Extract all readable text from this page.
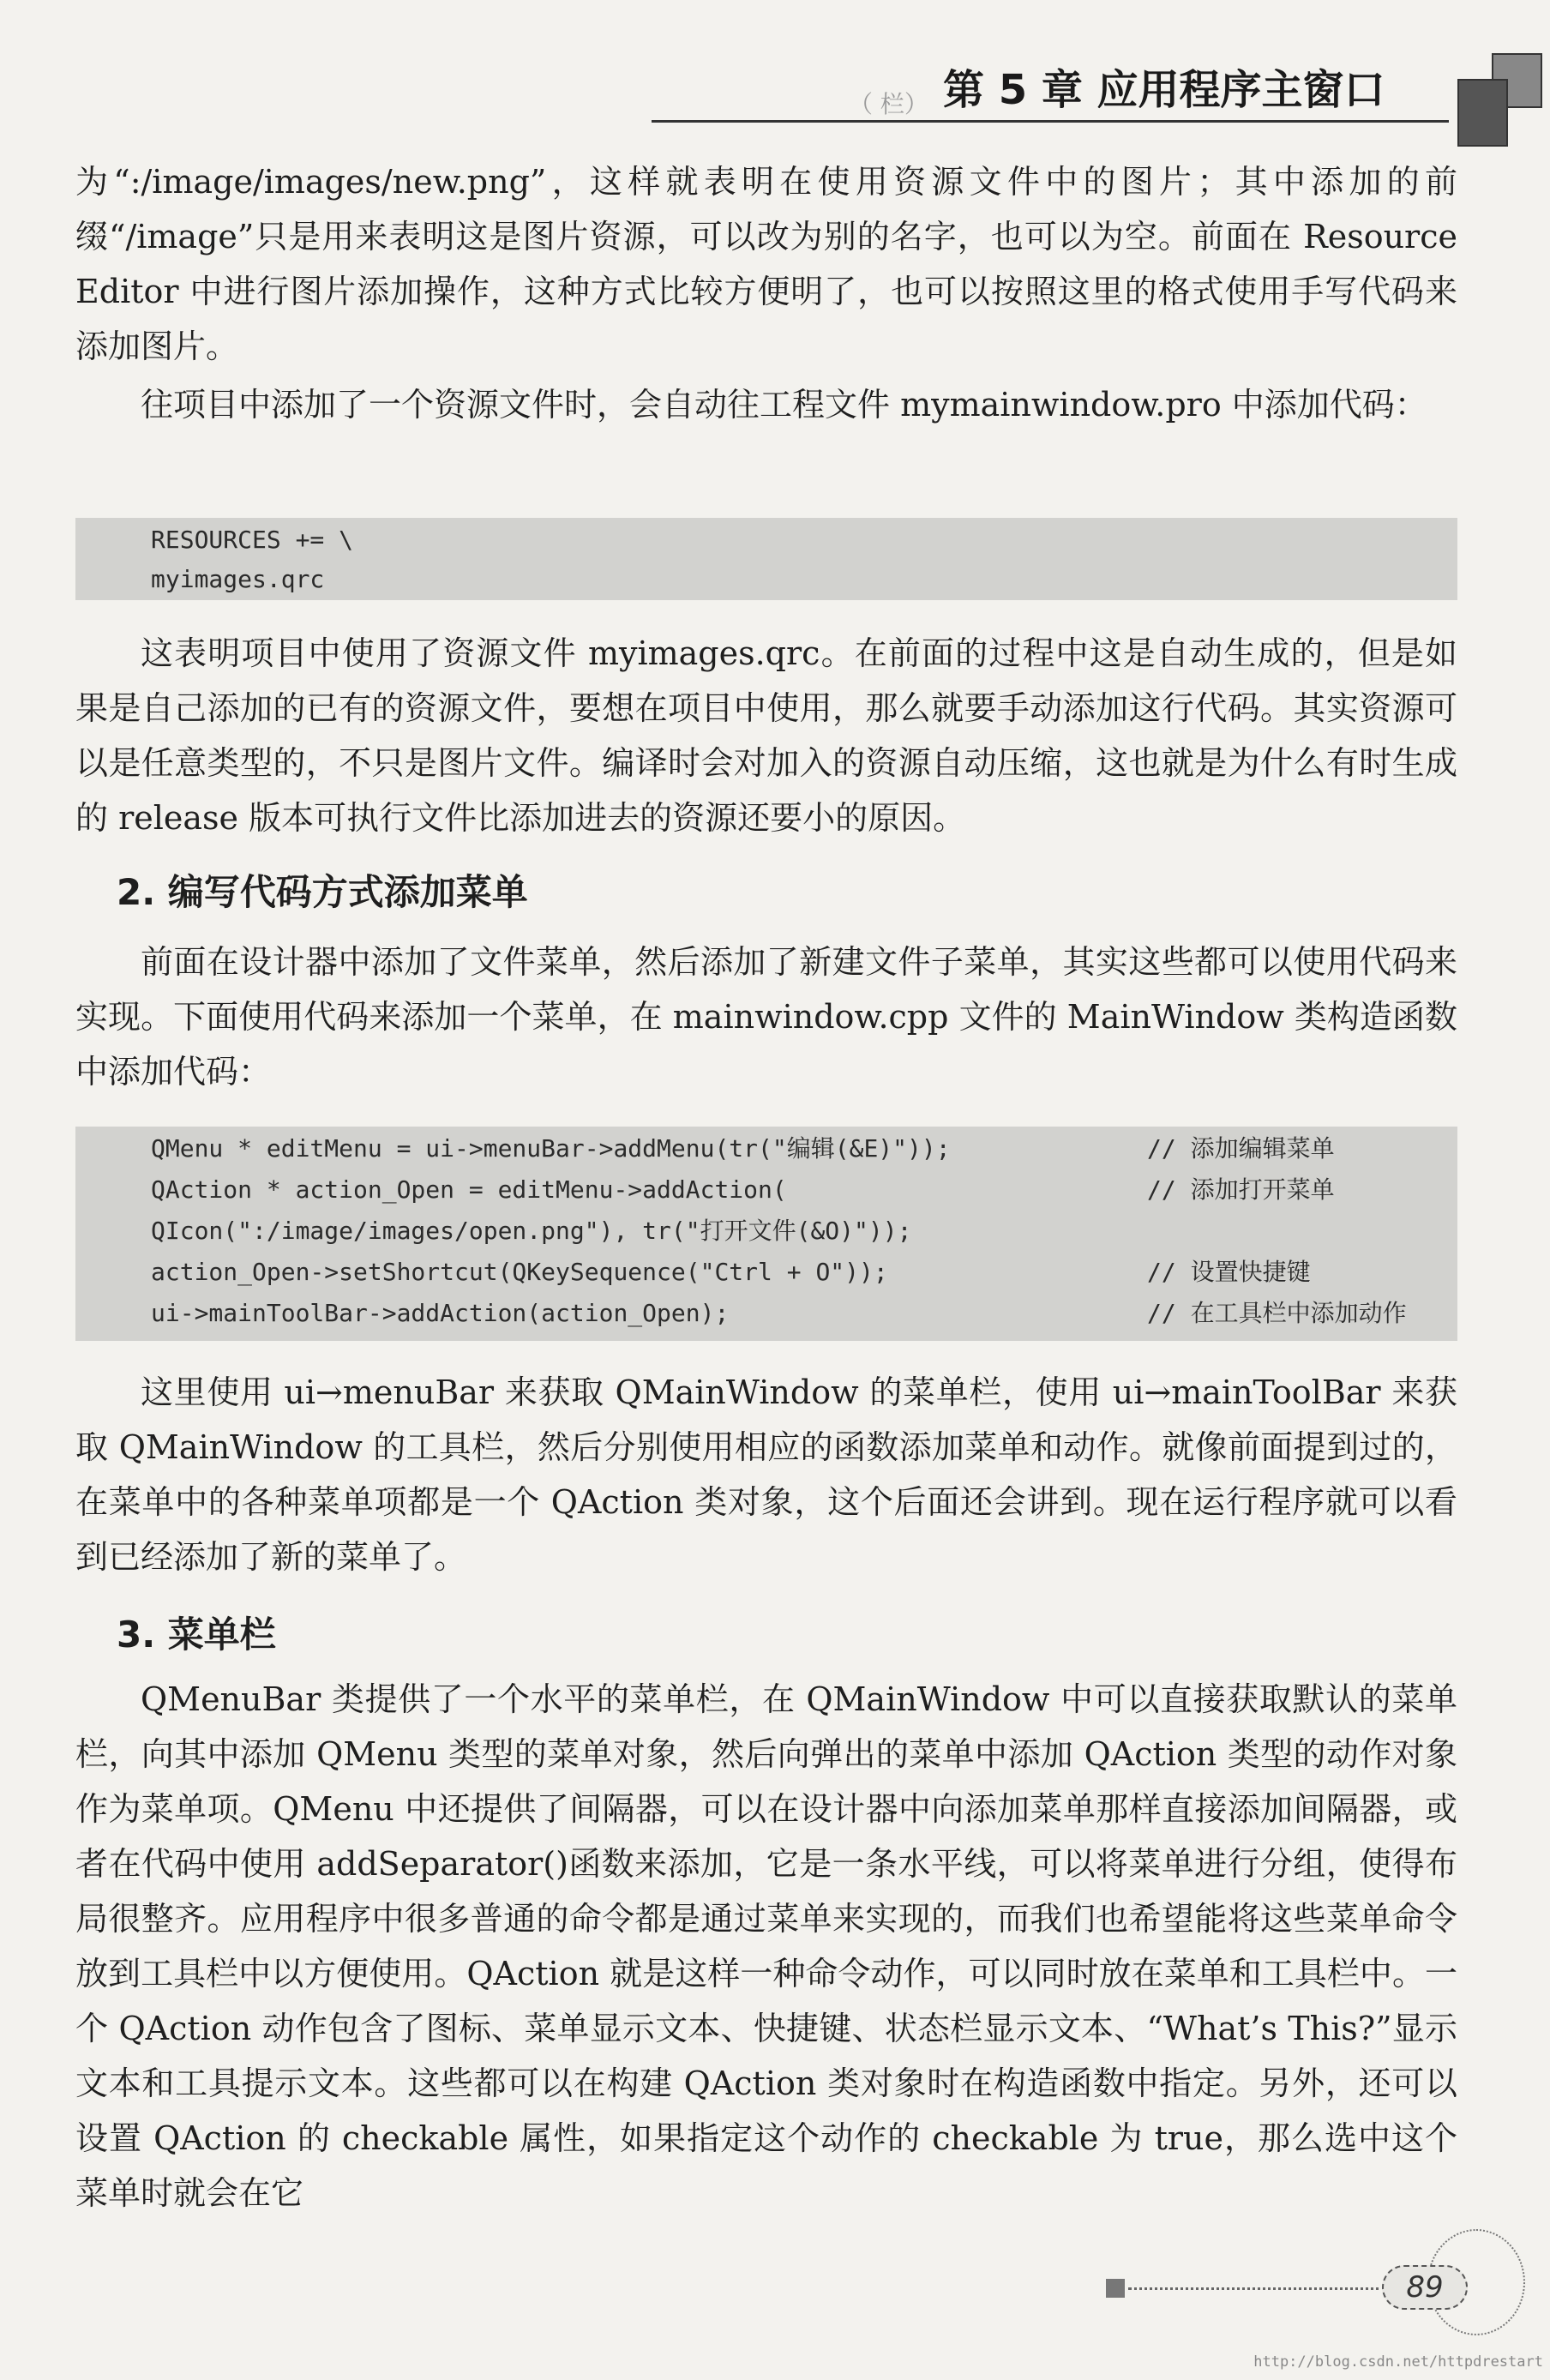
（ 栏） 第 5 章 应用程序主窗口

为“:/image/images/new.png”，这样就表明在使用资源文件中的图片；其中添加的前缀“/image”只是用来表明这是图片资源，可以改为别的名字，也可以为空。前面在 Resource Editor 中进行图片添加操作，这种方式比较方便明了，也可以按照这里的格式使用手写代码来添加图片。

往项目中添加了一个资源文件时，会自动往工程文件 mymainwindow.pro 中添加代码：

RESOURCES += \
myimages.qrc

这表明项目中使用了资源文件 myimages.qrc。在前面的过程中这是自动生成的，但是如果是自己添加的已有的资源文件，要想在项目中使用，那么就要手动添加这行代码。其实资源可以是任意类型的，不只是图片文件。编译时会对加入的资源自动压缩，这也就是为什么有时生成的 release 版本可执行文件比添加进去的资源还要小的原因。

2. 编写代码方式添加菜单

前面在设计器中添加了文件菜单，然后添加了新建文件子菜单，其实这些都可以使用代码来实现。下面使用代码来添加一个菜单，在 mainwindow.cpp 文件的 MainWindow 类构造函数中添加代码：

QMenu * editMenu = ui->menuBar->addMenu(tr("编辑(&E)"));	// 添加编辑菜单
QAction * action_Open = editMenu->addAction(	// 添加打开菜单
QIcon(":/image/images/open.png"), tr("打开文件(&O)"));
action_Open->setShortcut(QKeySequence("Ctrl + O"));	// 设置快捷键
ui->mainToolBar->addAction(action_Open);	// 在工具栏中添加动作

这里使用 ui→menuBar 来获取 QMainWindow 的菜单栏，使用 ui→mainToolBar 来获取 QMainWindow 的工具栏，然后分别使用相应的函数添加菜单和动作。就像前面提到过的，在菜单中的各种菜单项都是一个 QAction 类对象，这个后面还会讲到。现在运行程序就可以看到已经添加了新的菜单了。

3. 菜单栏

QMenuBar 类提供了一个水平的菜单栏，在 QMainWindow 中可以直接获取默认的菜单栏，向其中添加 QMenu 类型的菜单对象，然后向弹出的菜单中添加 QAction 类型的动作对象作为菜单项。QMenu 中还提供了间隔器，可以在设计器中向添加菜单那样直接添加间隔器，或者在代码中使用 addSeparator()函数来添加，它是一条水平线，可以将菜单进行分组，使得布局很整齐。应用程序中很多普通的命令都是通过菜单来实现的，而我们也希望能将这些菜单命令放到工具栏中以方便使用。QAction 就是这样一种命令动作，可以同时放在菜单和工具栏中。一个 QAction 动作包含了图标、菜单显示文本、快捷键、状态栏显示文本、“What’s This?”显示文本和工具提示文本。这些都可以在构建 QAction 类对象时在构造函数中指定。另外，还可以设置 QAction 的 checkable 属性，如果指定这个动作的 checkable 为 true，那么选中这个菜单时就会在它

89
http://blog.csdn.net/httpdrestart
